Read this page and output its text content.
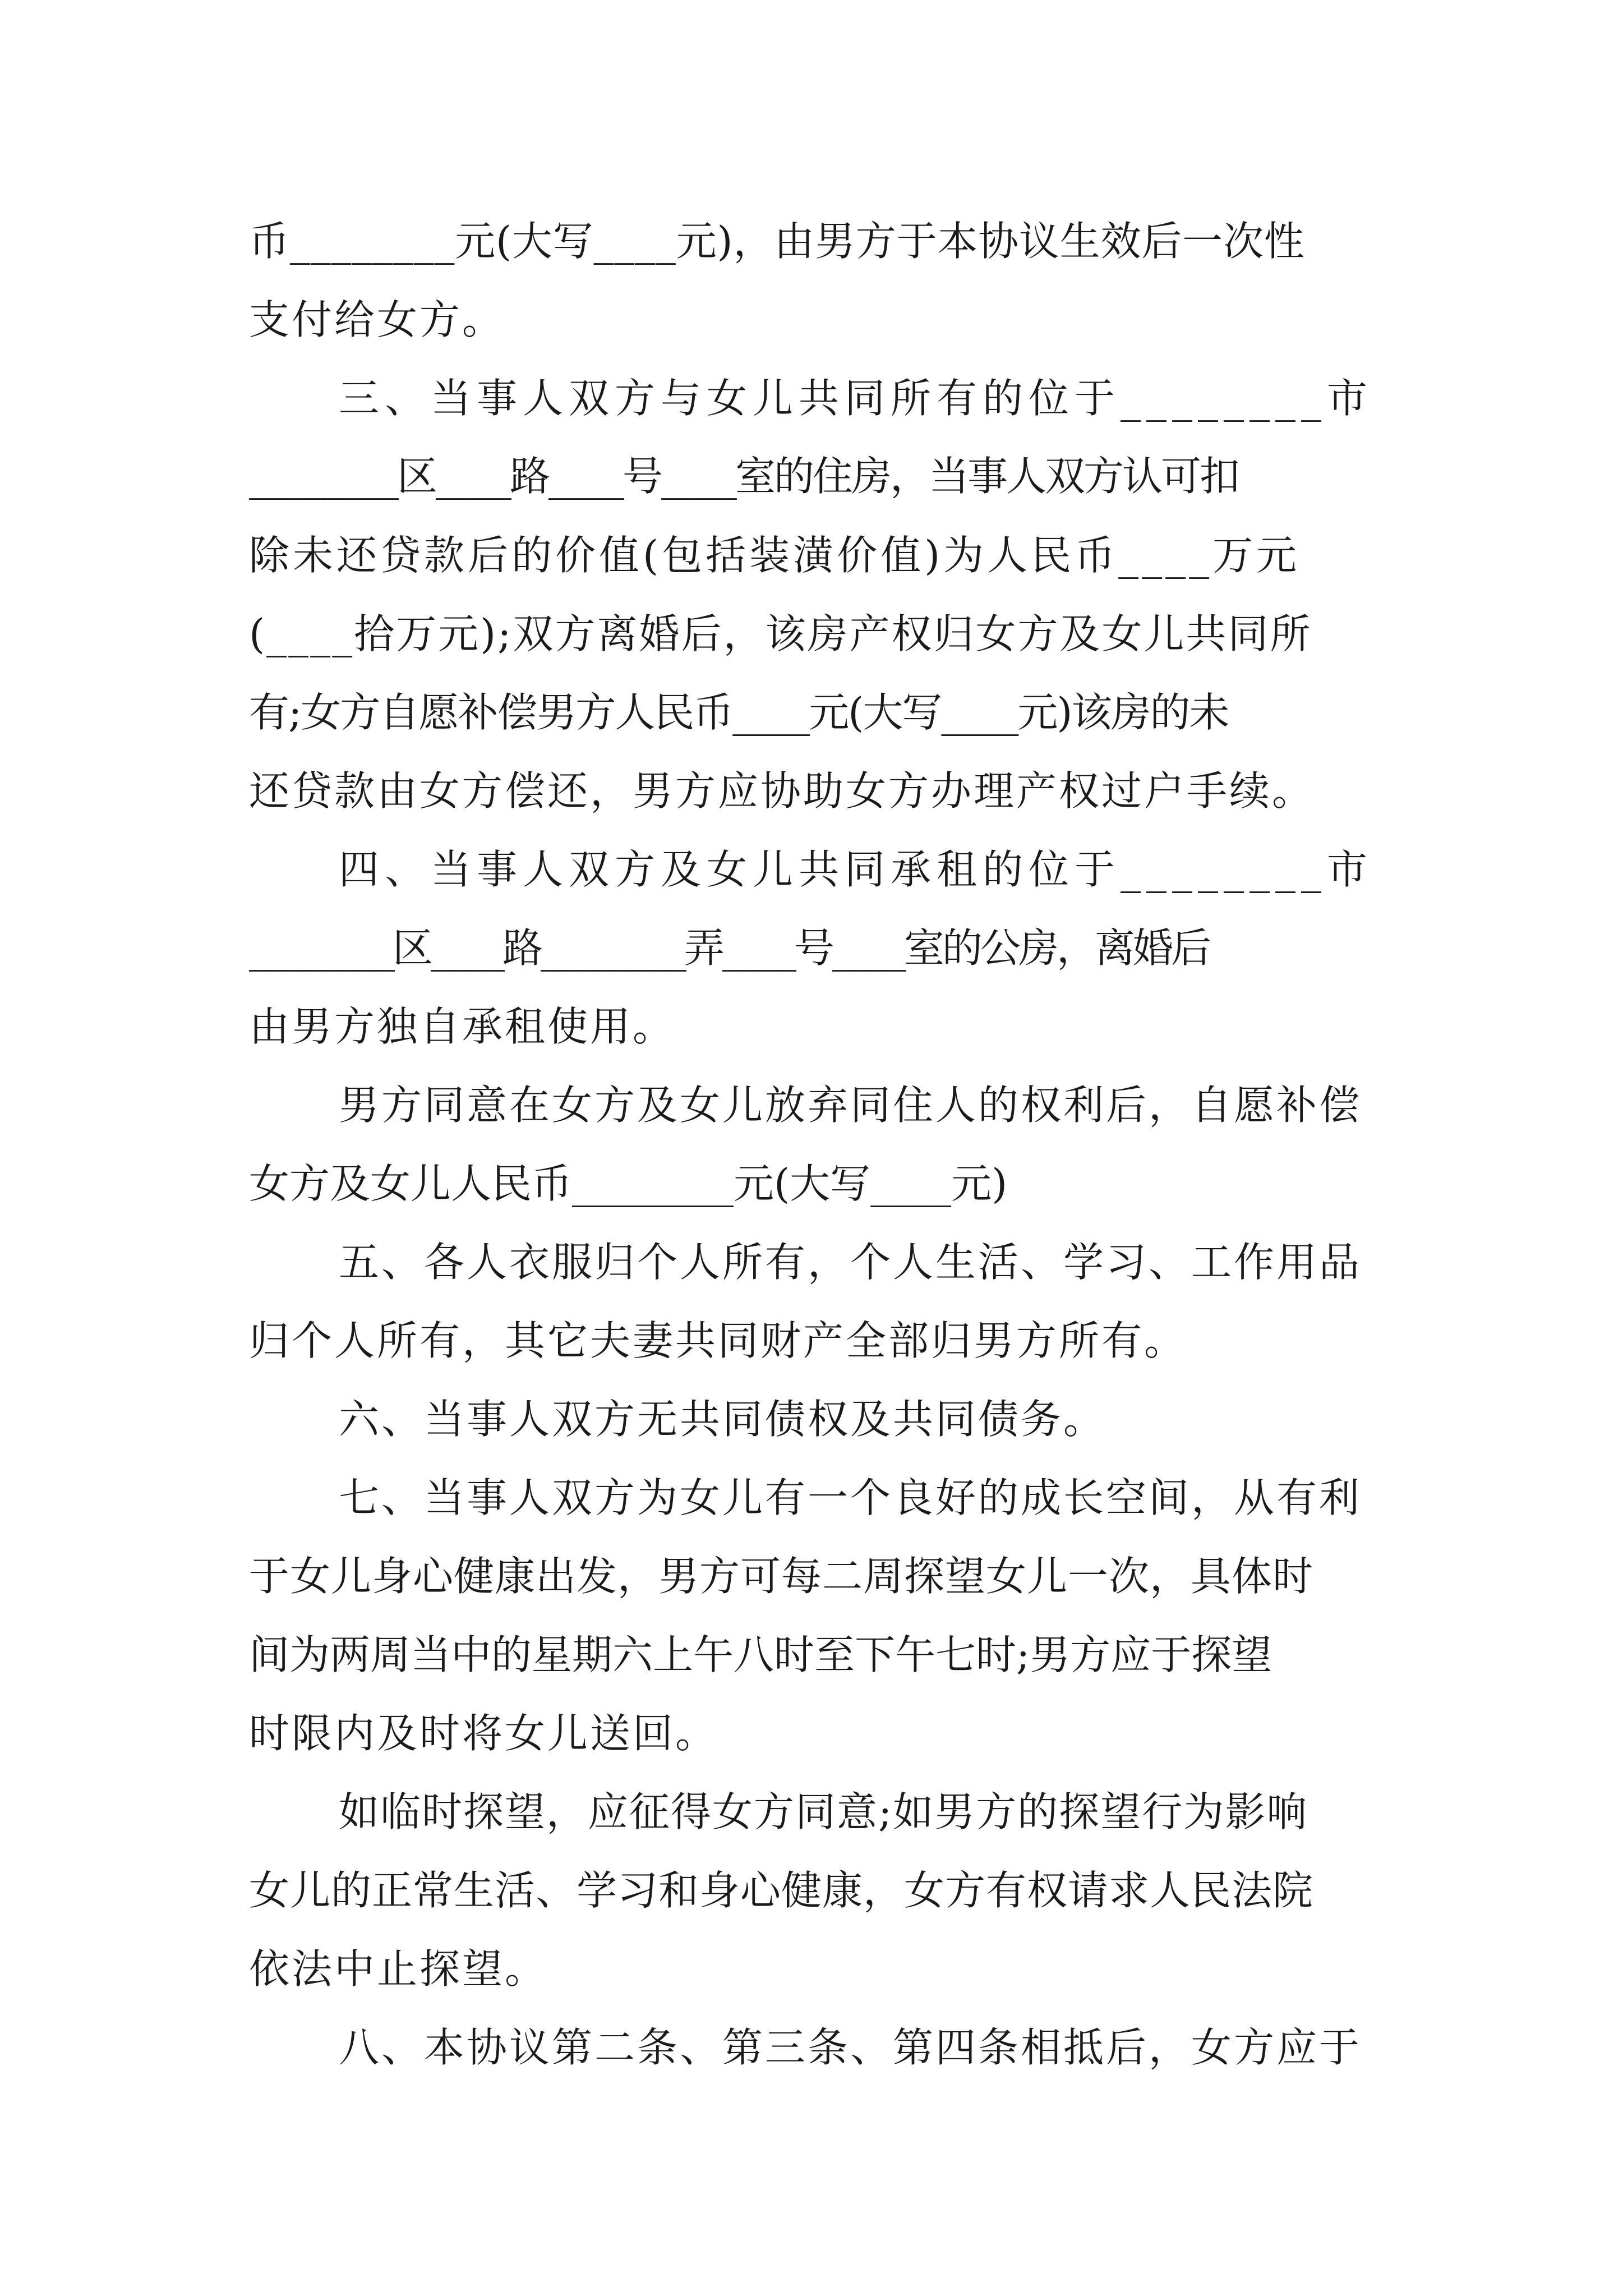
币________元(大写____元)，由男方于本协议生效后一次性
支付给女方。
三、当事人双方与女儿共同所有的位于________市
________区____路____号____室的住房，当事人双方认可扣
除未还贷款后的价值(包括装潢价值)为人民币____万元
(____拾万元);双方离婚后，该房产权归女方及女儿共同所
有;女方自愿补偿男方人民币____元(大写____元)该房的未
还贷款由女方偿还，男方应协助女方办理产权过户手续。
四、当事人双方及女儿共同承租的位于________市
________区____路________弄____号____室的公房，离婚后
由男方独自承租使用。
男方同意在女方及女儿放弃同住人的权利后，自愿补偿
女方及女儿人民币________元(大写____元)
五、各人衣服归个人所有，个人生活、学习、工作用品
归个人所有，其它夫妻共同财产全部归男方所有。
六、当事人双方无共同债权及共同债务。
七、当事人双方为女儿有一个良好的成长空间，从有利
于女儿身心健康出发，男方可每二周探望女儿一次，具体时
间为两周当中的星期六上午八时至下午七时;男方应于探望
时限内及时将女儿送回。
如临时探望，应征得女方同意;如男方的探望行为影响
女儿的正常生活、学习和身心健康，女方有权请求人民法院
依法中止探望。
八、本协议第二条、第三条、第四条相抵后，女方应于
